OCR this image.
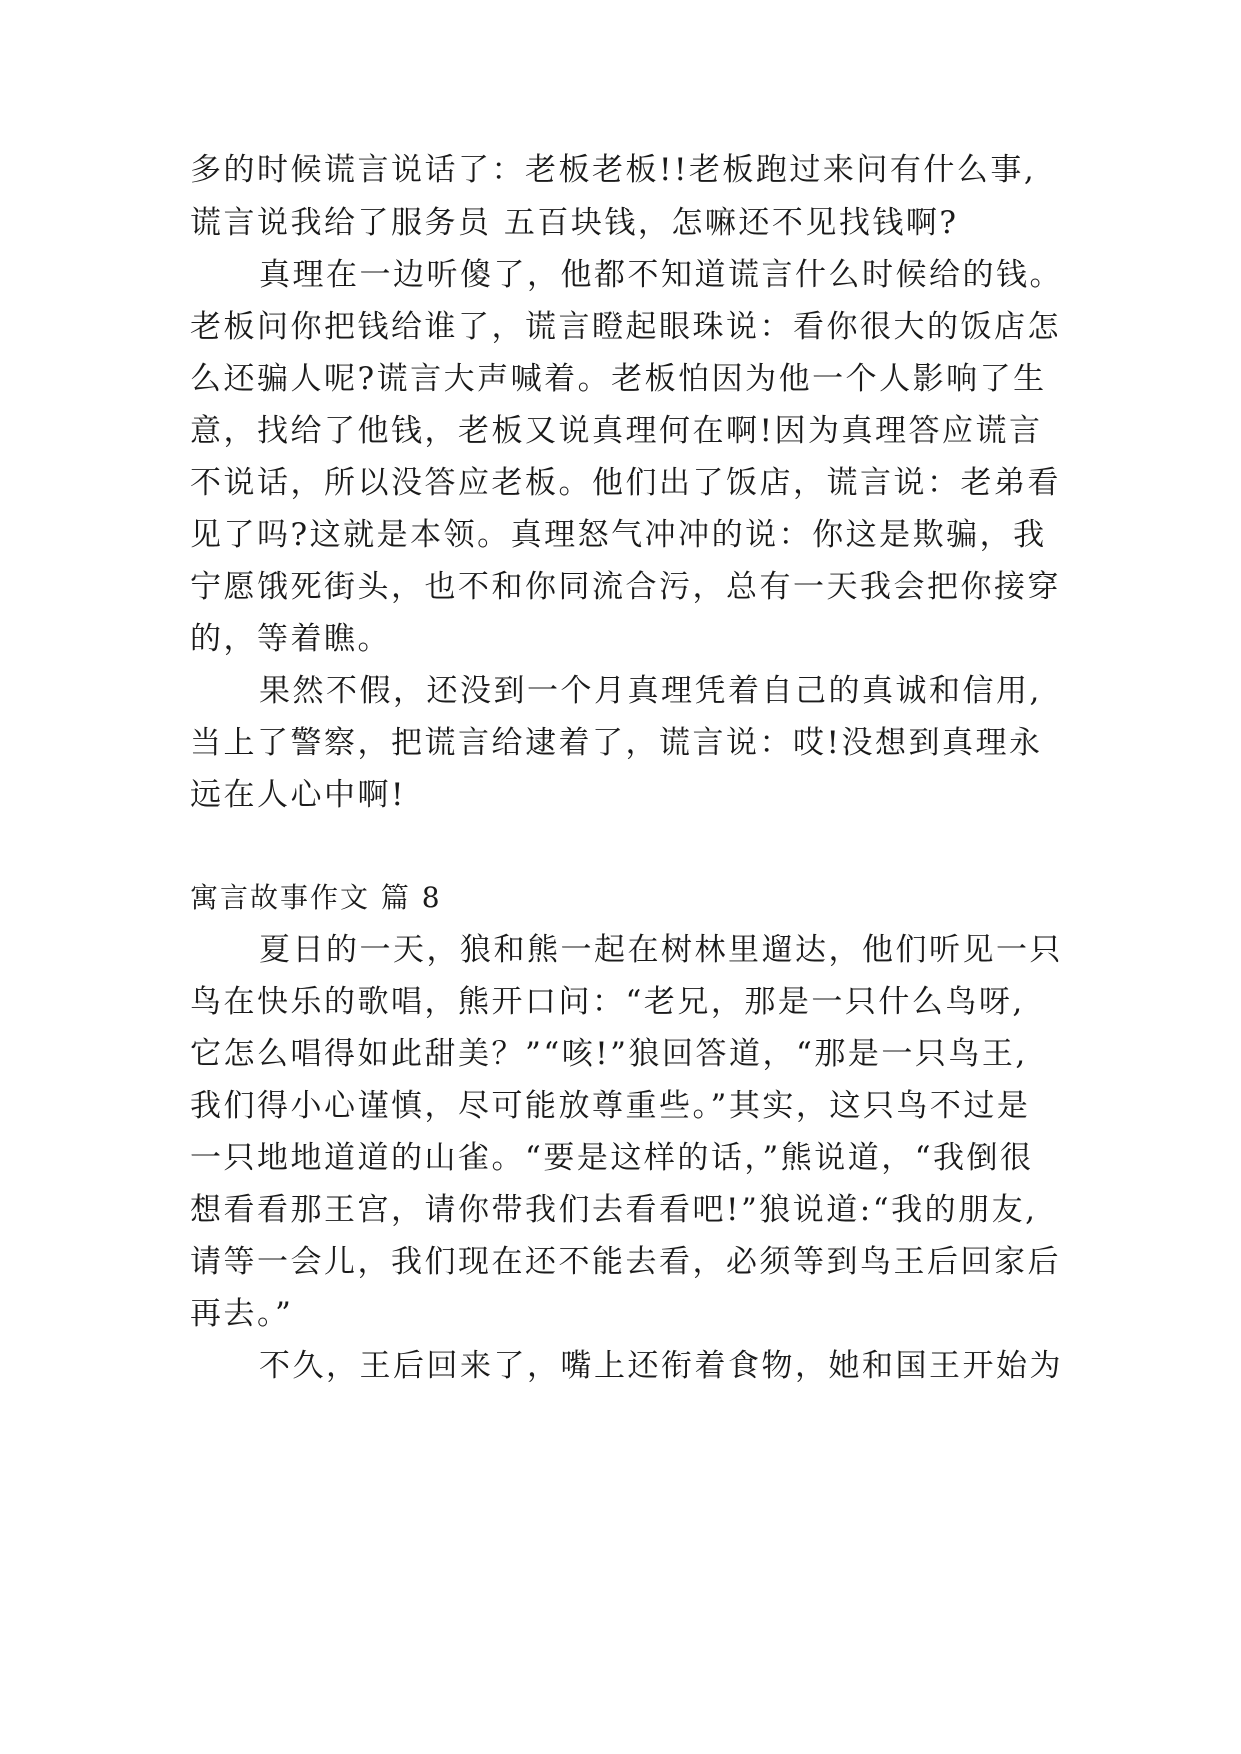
多的时候谎言说话了：老板老板!!老板跑过来问有什么事,
谎言说我给了服务员 五百块钱，怎嘛还不见找钱啊?
真理在一边听傻了，他都不知道谎言什么时候给的钱。
老板问你把钱给谁了，谎言瞪起眼珠说：看你很大的饭店怎
么还骗人呢?谎言大声喊着。老板怕因为他一个人影响了生
意，找给了他钱，老板又说真理何在啊!因为真理答应谎言
不说话，所以没答应老板。他们出了饭店，谎言说：老弟看
见了吗?这就是本领。真理怒气冲冲的说：你这是欺骗，我
宁愿饿死街头，也不和你同流合污，总有一天我会把你接穿
的，等着瞧。
果然不假，还没到一个月真理凭着自己的真诚和信用,
当上了警察，把谎言给逮着了，谎言说：哎!没想到真理永
远在人心中啊!
寓言故事作文 篇 8
夏日的一天，狼和熊一起在树林里遛达，他们听见一只
鸟在快乐的歌唱，熊开口问：“老兄，那是一只什么鸟呀,
它怎么唱得如此甜美？”“咳!”狼回答道，“那是一只鸟王,
我们得小心谨慎，尽可能放尊重些。”其实，这只鸟不过是
一只地地道道的山雀。“要是这样的话，”熊说道，“我倒很
想看看那王宫，请你带我们去看看吧!”狼说道:“我的朋友,
请等一会儿，我们现在还不能去看，必须等到鸟王后回家后
再去。”
不久，王后回来了，嘴上还衔着食物，她和国王开始为
